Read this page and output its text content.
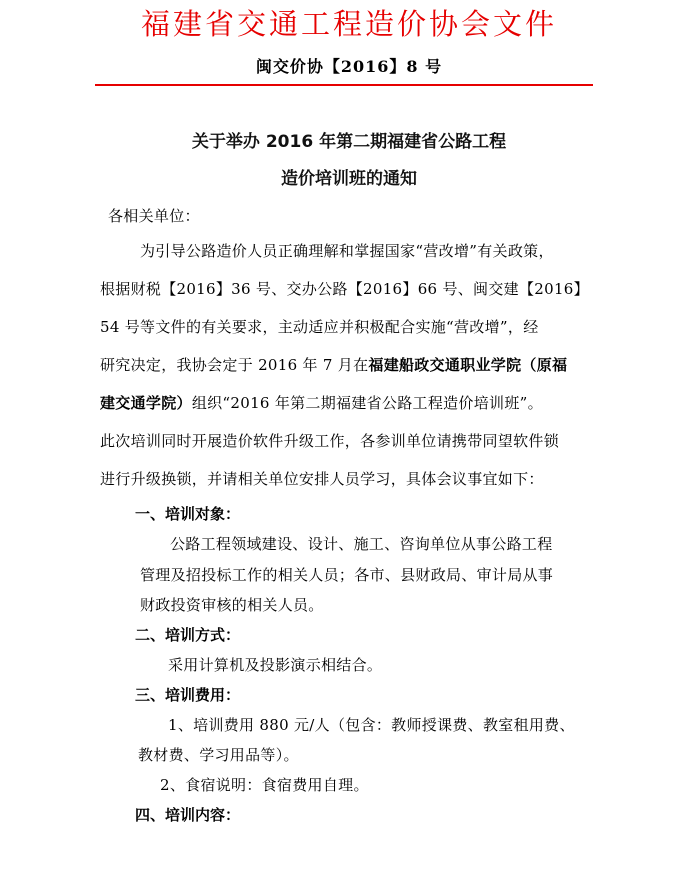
福建省交通工程造价协会文件
闽交价协【2016】8 号
关于举办 2016 年第二期福建省公路工程
造价培训班的通知
各相关单位：
为引导公路造价人员正确理解和掌握国家“营改增”有关政策，
根据财税【2016】36 号、交办公路【2016】66 号、闽交建【2016】
54 号等文件的有关要求，主动适应并积极配合实施“营改增”，经
研究决定，我协会定于 2016 年 7 月在福建船政交通职业学院（原福
建交通学院）组织“2016 年第二期福建省公路工程造价培训班”。
此次培训同时开展造价软件升级工作，各参训单位请携带同望软件锁
进行升级换锁，并请相关单位安排人员学习，具体会议事宜如下：
一、培训对象：
公路工程领域建设、设计、施工、咨询单位从事公路工程
管理及招投标工作的相关人员；各市、县财政局、审计局从事
财政投资审核的相关人员。
二、培训方式：
采用计算机及投影演示相结合。
三、培训费用：
1、培训费用 880 元/人（包含：教师授课费、教室租用费、
教材费、学习用品等）。
2、食宿说明：食宿费用自理。
四、培训内容：
